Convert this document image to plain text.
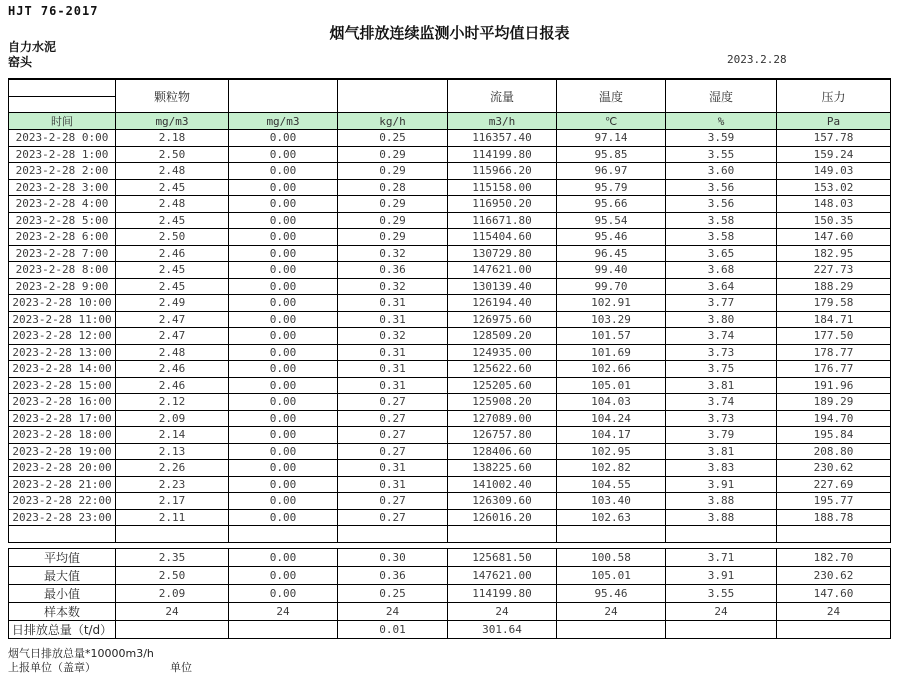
HJT 76-2017
烟气排放连续监测小时平均值日报表
自力水泥
窑头	2023.2.28
	颗粒物			流量	温度	湿度	压力

时间	mg/m3	mg/m3	kg/h	m3/h	℃	%	Pa
2023-2-28 0:00	2.18	0.00	0.25	116357.40	97.14	3.59	157.78
2023-2-28 1:00	2.50	0.00	0.29	114199.80	95.85	3.55	159.24
2023-2-28 2:00	2.48	0.00	0.29	115966.20	96.97	3.60	149.03
2023-2-28 3:00	2.45	0.00	0.28	115158.00	95.79	3.56	153.02
2023-2-28 4:00	2.48	0.00	0.29	116950.20	95.66	3.56	148.03
2023-2-28 5:00	2.45	0.00	0.29	116671.80	95.54	3.58	150.35
2023-2-28 6:00	2.50	0.00	0.29	115404.60	95.46	3.58	147.60
2023-2-28 7:00	2.46	0.00	0.32	130729.80	96.45	3.65	182.95
2023-2-28 8:00	2.45	0.00	0.36	147621.00	99.40	3.68	227.73
2023-2-28 9:00	2.45	0.00	0.32	130139.40	99.70	3.64	188.29
2023-2-28 10:00	2.49	0.00	0.31	126194.40	102.91	3.77	179.58
2023-2-28 11:00	2.47	0.00	0.31	126975.60	103.29	3.80	184.71
2023-2-28 12:00	2.47	0.00	0.32	128509.20	101.57	3.74	177.50
2023-2-28 13:00	2.48	0.00	0.31	124935.00	101.69	3.73	178.77
2023-2-28 14:00	2.46	0.00	0.31	125622.60	102.66	3.75	176.77
2023-2-28 15:00	2.46	0.00	0.31	125205.60	105.01	3.81	191.96
2023-2-28 16:00	2.12	0.00	0.27	125908.20	104.03	3.74	189.29
2023-2-28 17:00	2.09	0.00	0.27	127089.00	104.24	3.73	194.70
2023-2-28 18:00	2.14	0.00	0.27	126757.80	104.17	3.79	195.84
2023-2-28 19:00	2.13	0.00	0.27	128406.60	102.95	3.81	208.80
2023-2-28 20:00	2.26	0.00	0.31	138225.60	102.82	3.83	230.62
2023-2-28 21:00	2.23	0.00	0.31	141002.40	104.55	3.91	227.69
2023-2-28 22:00	2.17	0.00	0.27	126309.60	103.40	3.88	195.77
2023-2-28 23:00	2.11	0.00	0.27	126016.20	102.63	3.88	188.78

平均值	2.35	0.00	0.30	125681.50	100.58	3.71	182.70
最大值	2.50	0.00	0.36	147621.00	105.01	3.91	230.62
最小值	2.09	0.00	0.25	114199.80	95.46	3.55	147.60
样本数	24	24	24	24	24	24	24
日排放总量（t/d）			0.01	301.64			
烟气日排放总量*10000m3/h
上报单位（盖章）	单位
